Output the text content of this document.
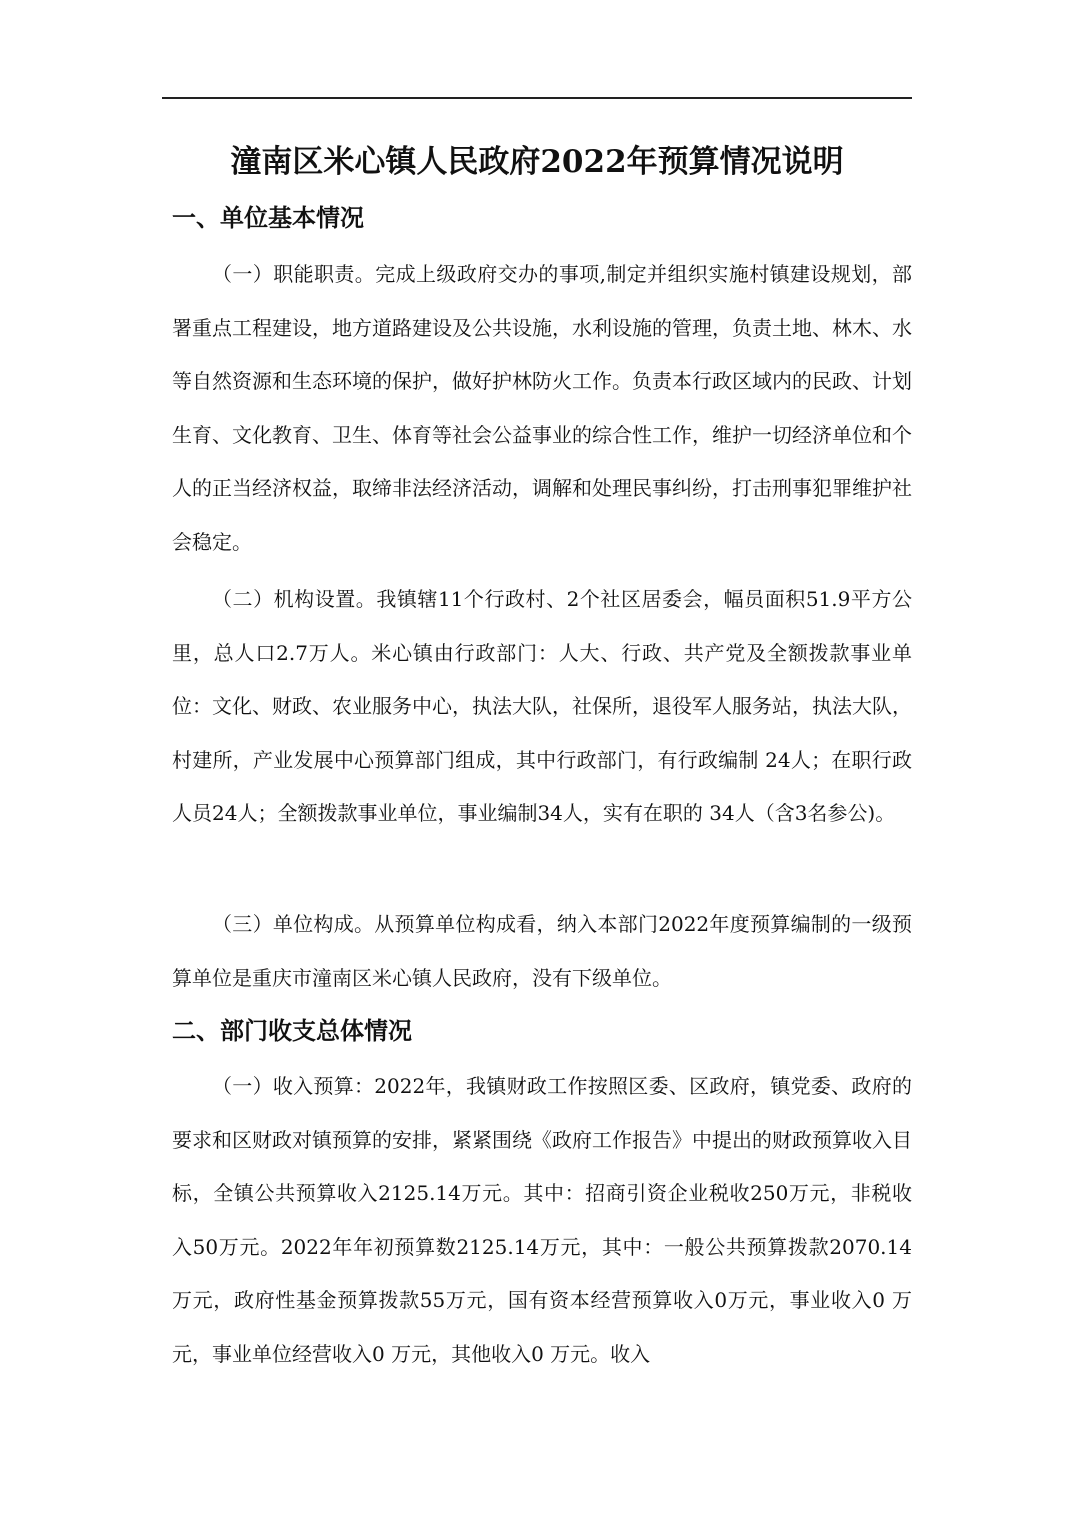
潼南区米心镇人民政府2022年预算情况说明
一、单位基本情况

（一）职能职责。完成上级政府交办的事项,制定并组织实施村镇建设规划，部署重点工程建设，地方道路建设及公共设施，水利设施的管理，负责土地、林木、水等自然资源和生态环境的保护，做好护林防火工作。负责本行政区域内的民政、计划生育、文化教育、卫生、体育等社会公益事业的综合性工作，维护一切经济单位和个人的正当经济权益，取缔非法经济活动，调解和处理民事纠纷，打击刑事犯罪维护社会稳定。

（二）机构设置。我镇辖11个行政村、2个社区居委会，幅员面积51.9平方公里，总人口2.7万人。米心镇由行政部门：人大、行政、共产党及全额拨款事业单位：文化、财政、农业服务中心，执法大队，社保所，退役军人服务站，执法大队，村建所，产业发展中心预算部门组成，其中行政部门，有行政编制 24人；在职行政人员24人；全额拨款事业单位，事业编制34人，实有在职的 34人（含3名参公)。

（三）单位构成。从预算单位构成看，纳入本部门2022年度预算编制的一级预算单位是重庆市潼南区米心镇人民政府，没有下级单位。

二、部门收支总体情况

（一）收入预算：2022年，我镇财政工作按照区委、区政府，镇党委、政府的要求和区财政对镇预算的安排，紧紧围绕《政府工作报告》中提出的财政预算收入目标，全镇公共预算收入2125.14万元。其中：招商引资企业税收250万元，非税收入50万元。2022年年初预算数2125.14万元，其中：一般公共预算拨款2070.14万元，政府性基金预算拨款55万元，国有资本经营预算收入0万元，事业收入0 万元，事业单位经营收入0 万元，其他收入0 万元。收入
